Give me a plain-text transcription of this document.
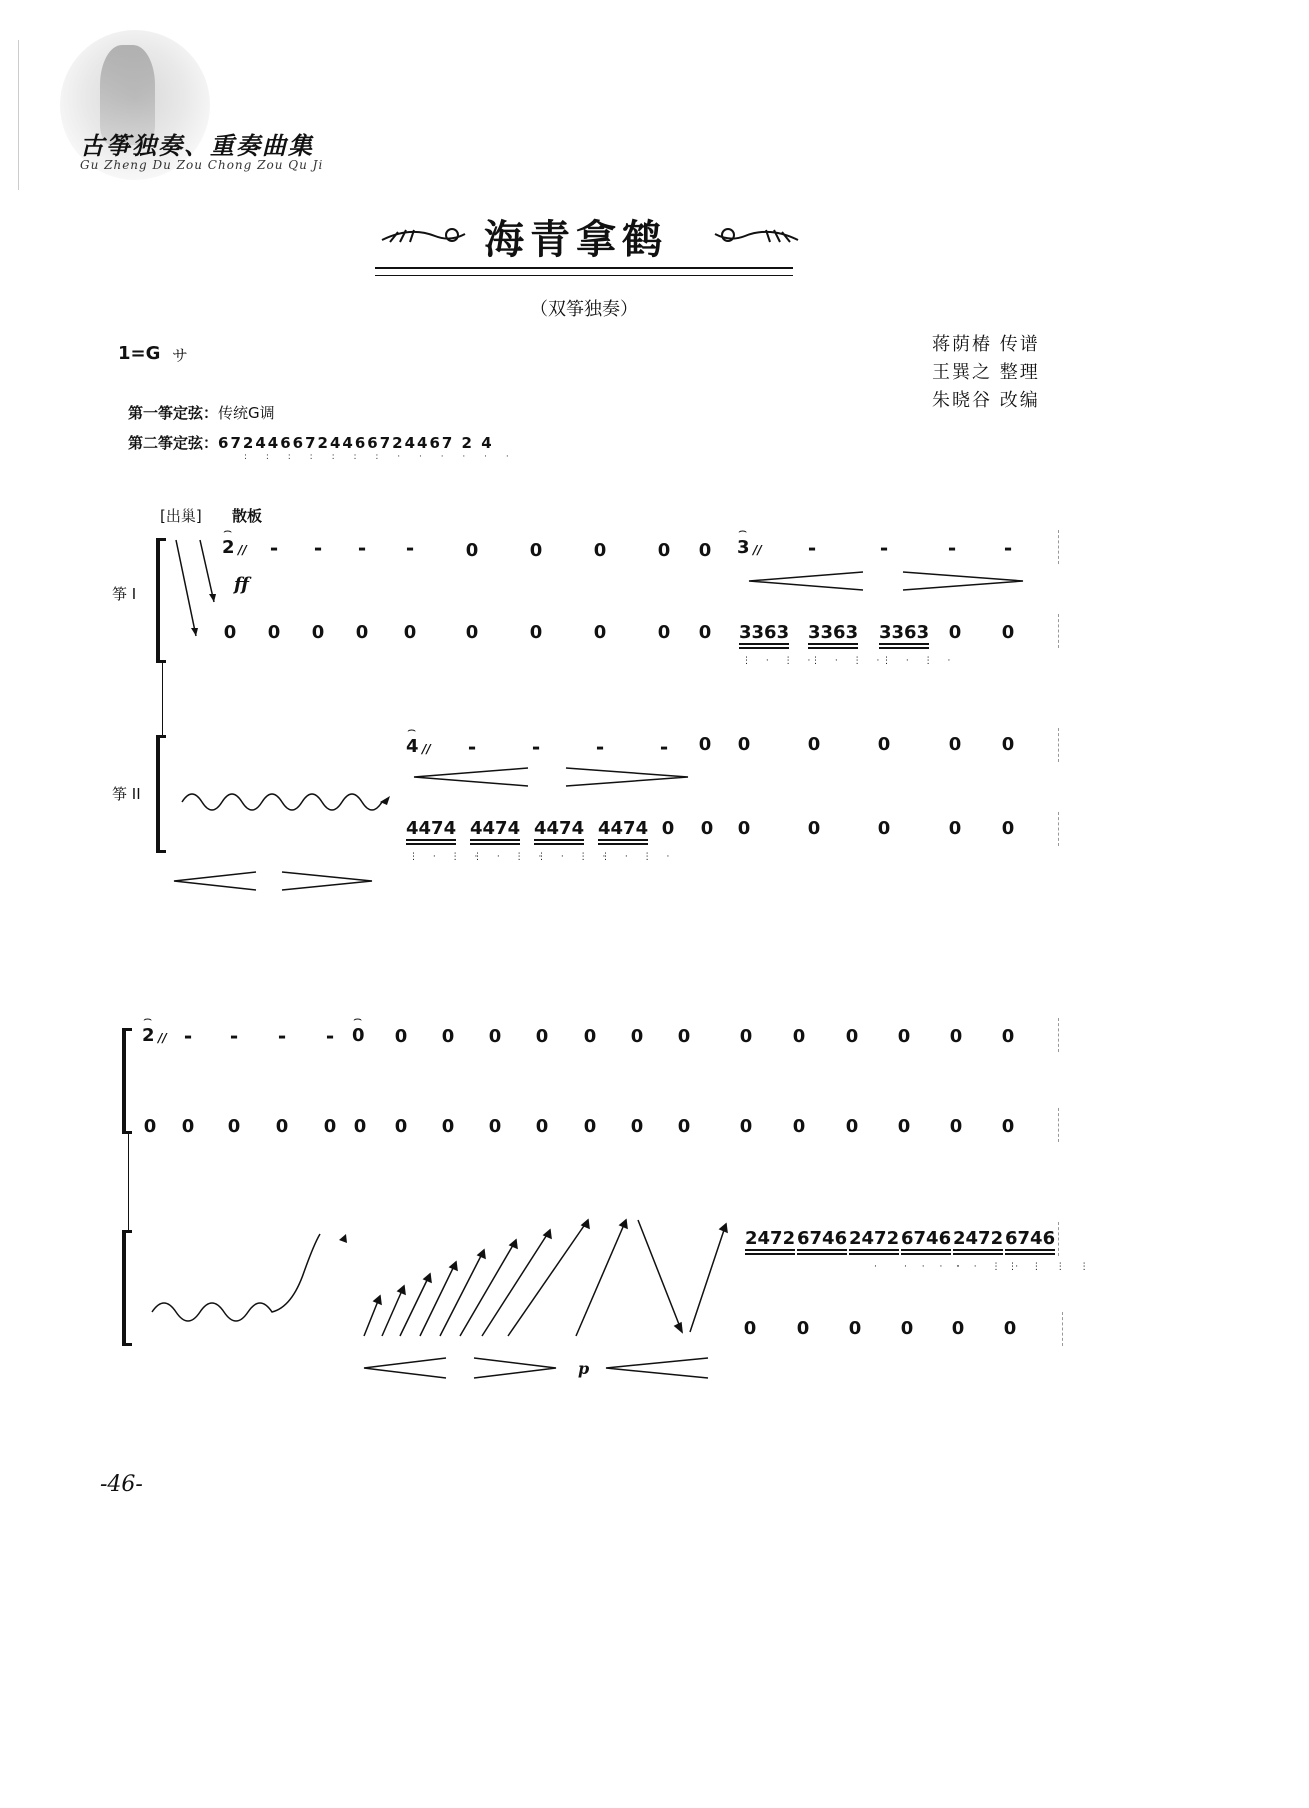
古筝独奏、重奏曲集
Gu Zheng Du Zou Chong Zou Qu Ji
海青拿鹤
（双筝独奏）
1=G サ
蒋荫椿 传谱
王巽之 整理
朱晓谷 改编
第一筝定弦：传统G调
第二筝定弦：6724466724466724467 2 4
: : : : : : : · · · · · ·
[出巢] 散板
筝 I
筝 II
⌢ 2 //
ff
- - - -	0	0	0	0 0 ⌢ 3 // -	-	- -
0 0 0 0 0	0	0	0	0 0 3363 3363 3363 0 0
⋮ · ⋮ ·
⋮ · ⋮ ·
⋮ · ⋮ ·
⌢ 4 // -	-	-	- 0 0	0	0	0 0
4474 4474 4474 4474 0 0 0	0	0	0 0
⋮ · ⋮ ·
⋮ · ⋮ ·
⋮ · ⋮ ·
⋮ · ⋮ ·
⌢ 2 // - - - - ⌢ 0 0 0 0 0 0 0 0	0 0 0 0 0 0
0 0 0 0 0 0 0 0 0 0 0 0 0	0 0 0 0 0 0
2472 6746 2472 6746 2472 6746
·	· · · ·
· · ⋮ ·
⋮ ⋮ ⋮ ⋮
0 0 0 0 0 0
p
-46-
